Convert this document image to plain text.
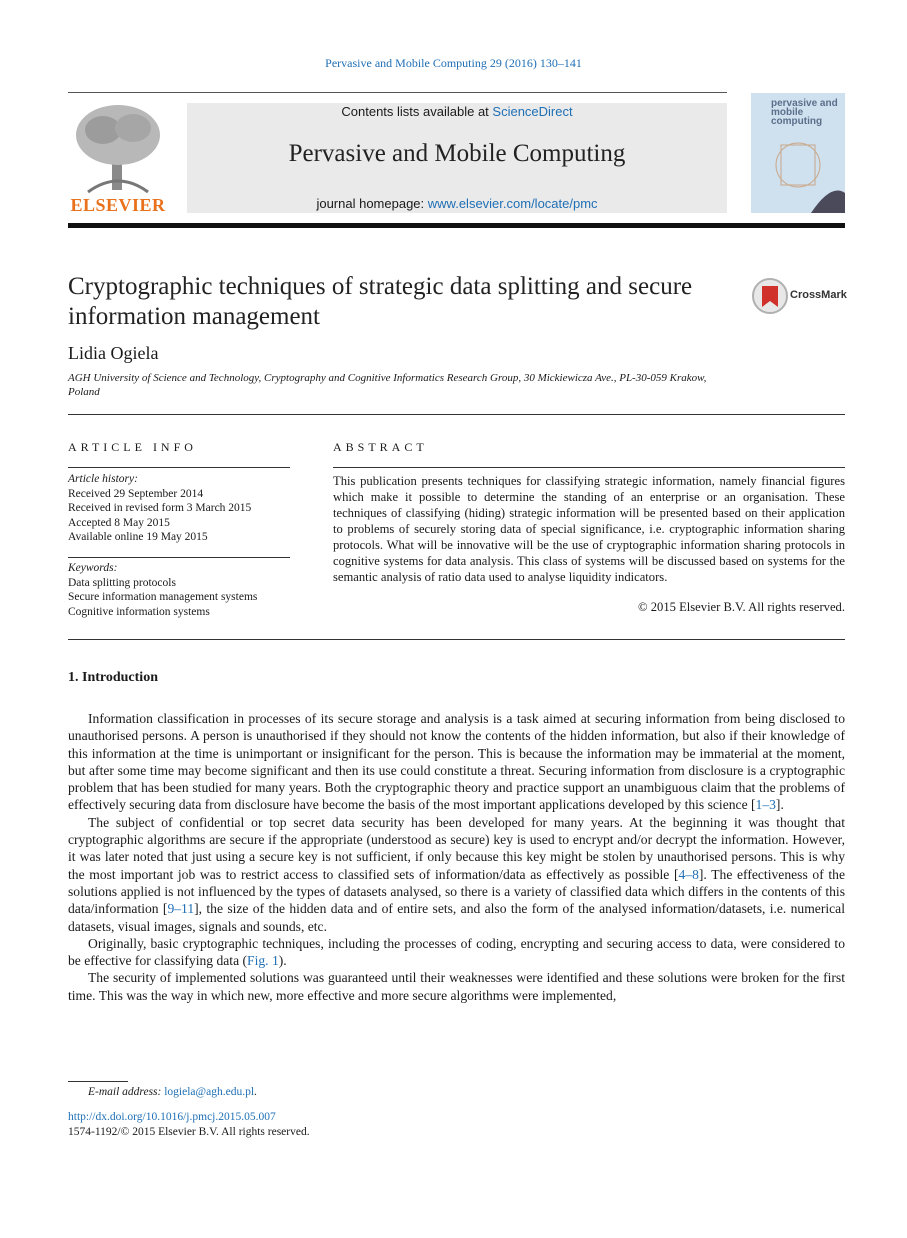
Pervasive and Mobile Computing 29 (2016) 130–141
ELSEVIER
Contents lists available at ScienceDirect
Pervasive and Mobile Computing
journal homepage: www.elsevier.com/locate/pmc
pervasive and mobile computing
Cryptographic techniques of strategic data splitting and secure information management
CrossMark
Lidia Ogiela
AGH University of Science and Technology, Cryptography and Cognitive Informatics Research Group, 30 Mickiewicza Ave., PL-30-059 Krakow, Poland
ARTICLE INFO
Article history:
Received 29 September 2014
Received in revised form 3 March 2015
Accepted 8 May 2015
Available online 19 May 2015
Keywords:
Data splitting protocols
Secure information management systems
Cognitive information systems
ABSTRACT
This publication presents techniques for classifying strategic information, namely financial figures which make it possible to determine the standing of an enterprise or an organisation. These techniques of classifying (hiding) strategic information will be presented based on their application to problems of securely storing data of special significance, i.e. cryptographic information sharing protocols. What will be innovative will be the use of cryptographic information sharing protocols in cognitive systems for data analysis. This class of systems will be discussed based on systems for the semantic analysis of ratio data used to analyse liquidity indicators.
© 2015 Elsevier B.V. All rights reserved.
1. Introduction

Information classification in processes of its secure storage and analysis is a task aimed at securing information from being disclosed to unauthorised persons. A person is unauthorised if they should not know the contents of the hidden information, but also if their knowledge of this information at the time is unimportant or insignificant for the person. This is because the information may be immaterial at the moment, but after some time may become significant and then its use could constitute a threat. Securing information from disclosure is a cryptographic problem that has been studied for many years. Both the cryptographic theory and practice support an unambiguous claim that the problems of effectively securing data from disclosure have become the basis of the most important applications developed by this science [1–3].

The subject of confidential or top secret data security has been developed for many years. At the beginning it was thought that cryptographic algorithms are secure if the appropriate (understood as secure) key is used to encrypt and/or decrypt the information. However, it was later noted that just using a secure key is not sufficient, if only because this key might be stolen by unauthorised persons. This is why the most important job was to restrict access to classified sets of information/data as effectively as possible [4–8]. The effectiveness of the solutions applied is not influenced by the types of datasets analysed, so there is a variety of classified data which differs in the contents of this data/information [9–11], the size of the hidden data and of entire sets, and also the form of the analysed information/datasets, i.e. numerical datasets, visual images, signals and sounds, etc.

Originally, basic cryptographic techniques, including the processes of coding, encrypting and securing access to data, were considered to be effective for classifying data (Fig. 1).

The security of implemented solutions was guaranteed until their weaknesses were identified and these solutions were broken for the first time. This was the way in which new, more effective and more secure algorithms were implemented,

E-mail address: logiela@agh.edu.pl.
http://dx.doi.org/10.1016/j.pmcj.2015.05.007
1574-1192/© 2015 Elsevier B.V. All rights reserved.
